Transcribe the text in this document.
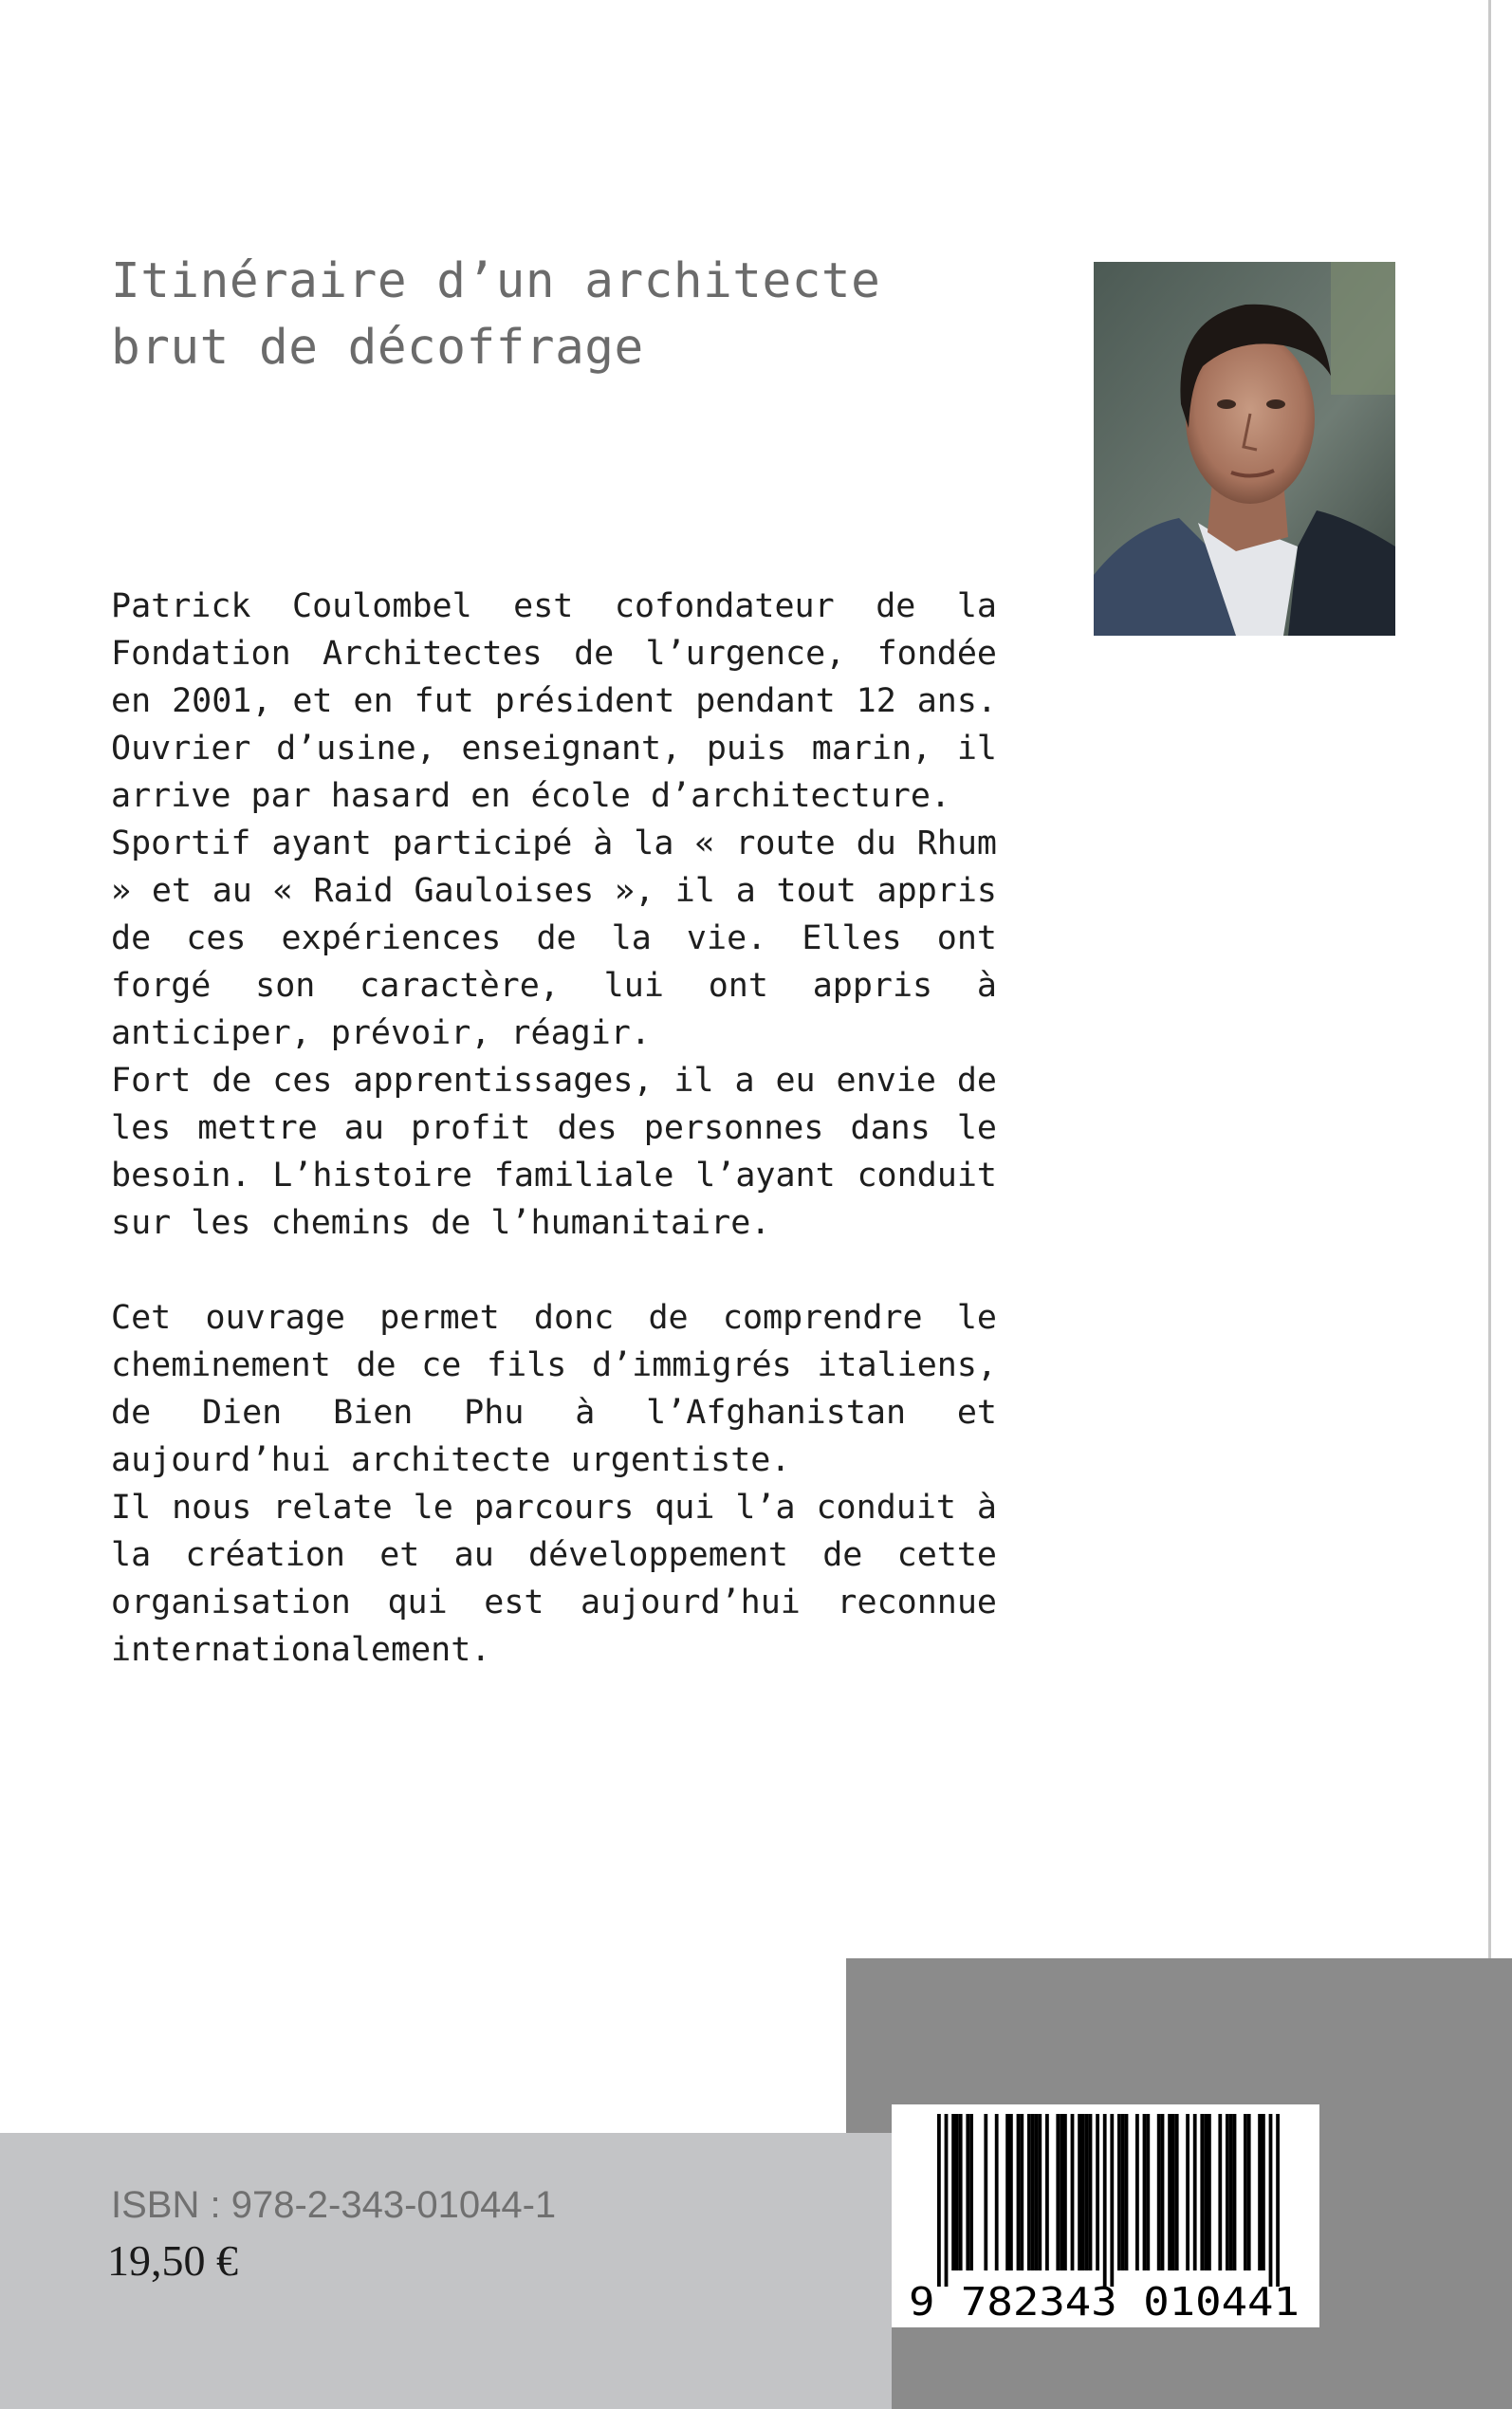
Itinéraire d’un architecte
brut de décoffrage

Patrick Coulombel est cofondateur de la Fondation Architectes de l’urgence, fondée en 2001, et en fut président pendant 12 ans. Ouvrier d’usine, enseignant, puis marin, il arrive par hasard en école d’architecture.

Sportif ayant participé à la « route du Rhum » et au « Raid Gauloises », il a tout appris de ces expériences de la vie. Elles ont forgé son caractère, lui ont appris à anticiper, prévoir, réagir.

Fort de ces apprentissages, il a eu envie de les mettre au profit des personnes dans le besoin. L’histoire familiale l’ayant conduit sur les chemins de l’humanitaire.

Cet ouvrage permet donc de comprendre le cheminement de ce fils d’immigrés italiens, de Dien Bien Phu à l’Afghanistan et aujourd’hui architecte urgentiste.

Il nous relate le parcours qui l’a conduit à la création et au développement de cette organisation qui est aujourd’hui reconnue internationalement.

ISBN : 978-2-343-01044-1
19,50 €
9 782343 010441
